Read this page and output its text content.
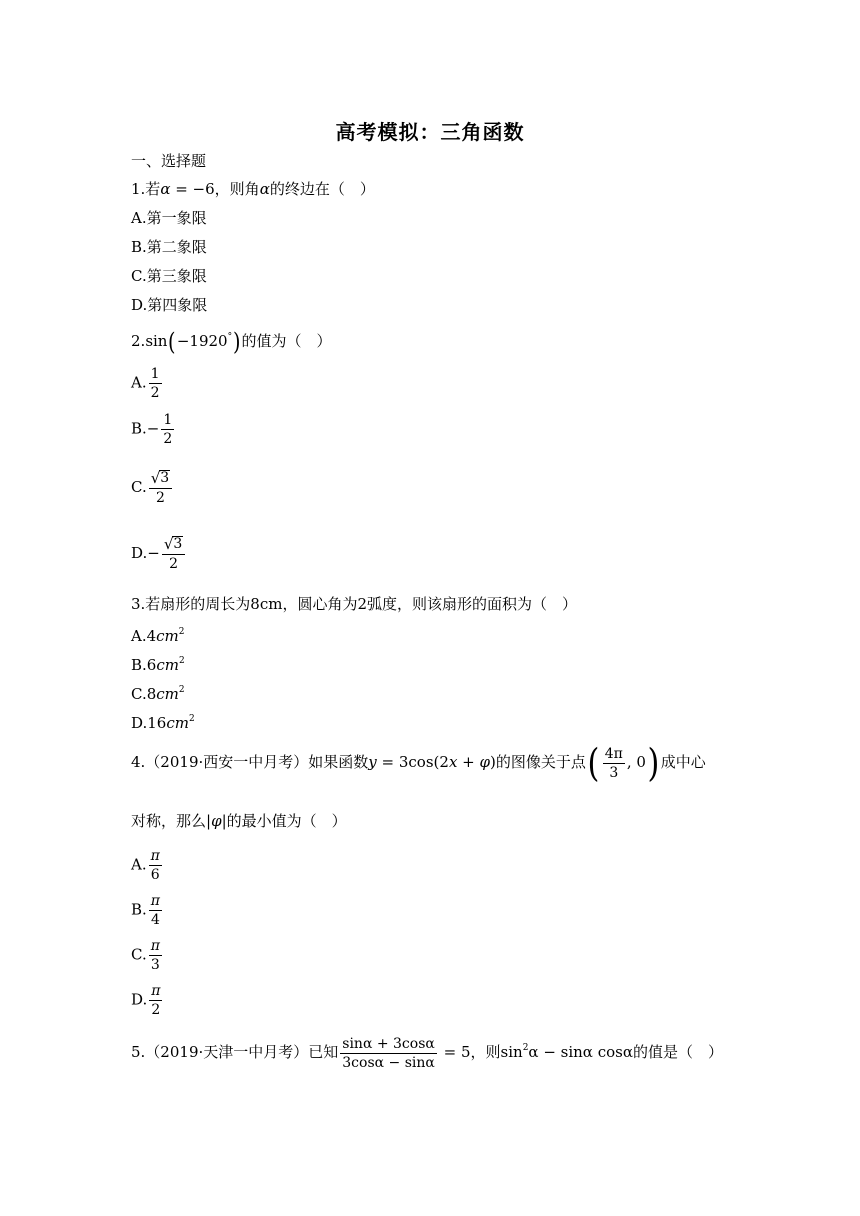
高考模拟：三角函数
一、选择题
1.若α = −6，则角α的终边在（　）
A.第一象限
B.第二象限
C.第三象限
D.第四象限
2.sin(−1920°)的值为（　）
A. $\frac{1}{2}$
$B.- \frac{1}{2}$
C. $\frac{√ 3}{2}$
$D.- \frac{√ 3}{2}$
3.若扇形的周长为8cm，圆心角为2弧度，则该扇形的面积为（　）
$A.4cm^2$
$B.6cm^2$
$C.8cm^2$
$D.16cm^2$
4.（2019·西安一中月考）如果函数y = 3cos(2x + φ)的图像关于点( $\frac{4\pi}{3}$ , 0)成中心
对称，那么|φ|的最小值为（　）
A. $\frac{\pi}{6}$
B. $\frac{\pi}{4}$
C. $\frac{\pi}{3}$
D. $\frac{\pi}{2}$
5.（2019·天津一中月考）已知 $\frac{\sin\alpha + 3\cos\alpha}{3\cos\alpha - \sin\alpha} = 5$，则$\sin^2\alpha - \sin\alpha$ cosα的值是（　）
